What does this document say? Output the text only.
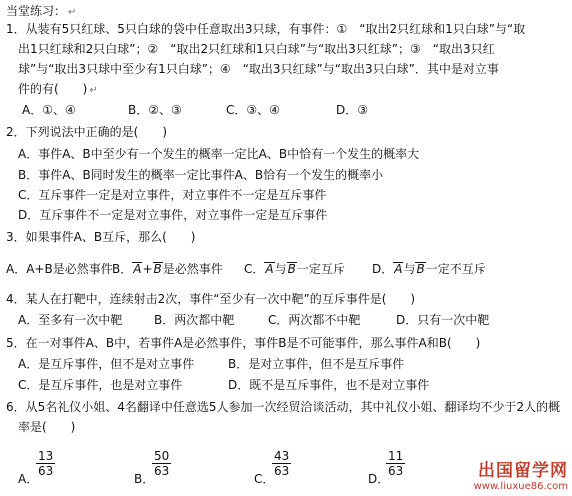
当堂练习： ↵
1．从装有5只红球、5只白球的袋中任意取出3只球，有事件：①　“取出2只红球和1只白球”与“取
出1只红球和2只白球”；②　“取出2只红球和1只白球”与“取出3只红球”；③　“取出3只红
球”与“取出3只球中至少有1只白球”；④　“取出3只红球”与“取出3只白球”．其中是对立事
件的有(　　) ↵
A．①、④	B．②、③	C．③、④	D．③
2．下列说法中正确的是(　　)
A．事件A、B中至少有一个发生的概率一定比A、B中恰有一个发生的概率大
B．事件A、B同时发生的概率一定比事件A、B恰有一个发生的概率小
C．互斥事件一定是对立事件，对立事件不一定是互斥事件
D．互斥事件不一定是对立事件，对立事件一定是互斥事件
3．如果事件A、B互斥，那么(　　)
A．A+B是必然事件 B．A+B是必然事件 C．A与B一定互斥 D．A与B一定不互斥
4．某人在打靶中，连续射击2次，事件“至少有一次中靶”的互斥事件是(　　)
A．至多有一次中靶	B．两次都中靶	C．两次都不中靶	D．只有一次中靶
5．在一对事件A、B中，若事件A是必然事件，事件B是不可能事件，那么事件A和B(　　)
A．是互斥事件，但不是对立事件	B．是对立事件，但不是互斥事件
C．是互斥事件，也是对立事件	D．既不是互斥事件，也不是对立事件
6．从5名礼仪小姐、4名翻译中任意选5人参加一次经贸洽谈活动，其中礼仪小姐、翻译均不少于2人的概
率是(　　)
A．
13
63
B．
50
63
C．
43
63
D．
11
63	出国留学网
www.liuxue86.com
